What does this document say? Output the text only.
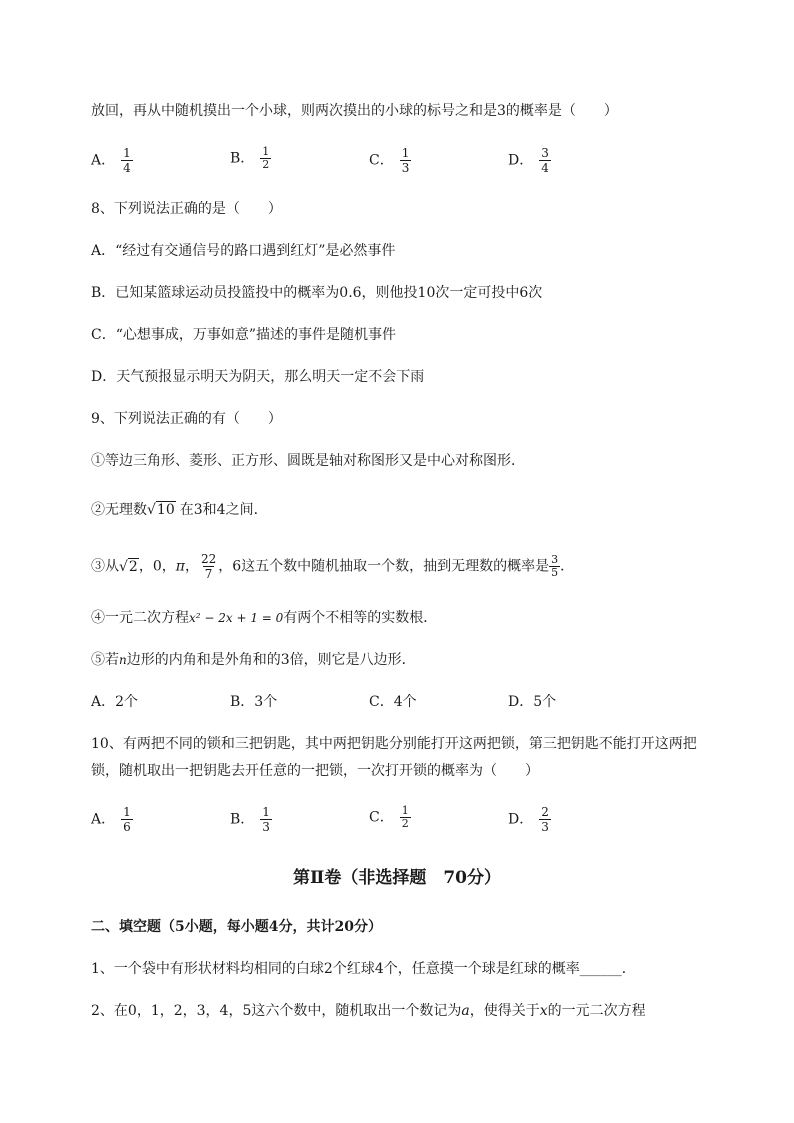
放回，再从中随机摸出一个小球，则两次摸出的小球的标号之和是3的概率是（　　）
A． $\frac{1}{4}$	B． $\frac{1}{2}$	C． $\frac{1}{3}$	D． $\frac{3}{4}$
8、下列说法正确的是（　　）
A．“经过有交通信号的路口遇到红灯”是必然事件
B．已知某篮球运动员投篮投中的概率为0.6，则他投10次一定可投中6次
C．“心想事成，万事如意”描述的事件是随机事件
D．天气预报显示明天为阴天，那么明天一定不会下雨
9、下列说法正确的有（　　）
①等边三角形、菱形、正方形、圆既是轴对称图形又是中心对称图形．
②无理数√10 在3和4之间．
③从√2，0，π， $\frac{22}{7}$ ，6这五个数中随机抽取一个数，抽到无理数的概率是 $\frac{3}{5}$ ．
④一元二次方程x² − 2x + 1 = 0有两个不相等的实数根．
⑤若n边形的内角和是外角和的3倍，则它是八边形．
A．2个	B．3个	C．4个	D．5个
10、有两把不同的锁和三把钥匙，其中两把钥匙分别能打开这两把锁，第三把钥匙不能打开这两把
锁，随机取出一把钥匙去开任意的一把锁，一次打开锁的概率为（　　）
A． $\frac{1}{6}$	B． $\frac{1}{3}$	C． $\frac{1}{2}$	D． $\frac{2}{3}$
第Ⅱ卷（非选择题　70分）
二、填空题（5小题，每小题4分，共计20分）
1、一个袋中有形状材料均相同的白球2个红球4个，任意摸一个球是红球的概率______．
2、在0，1，2，3，4，5这六个数中，随机取出一个数记为a，使得关于x的一元二次方程
